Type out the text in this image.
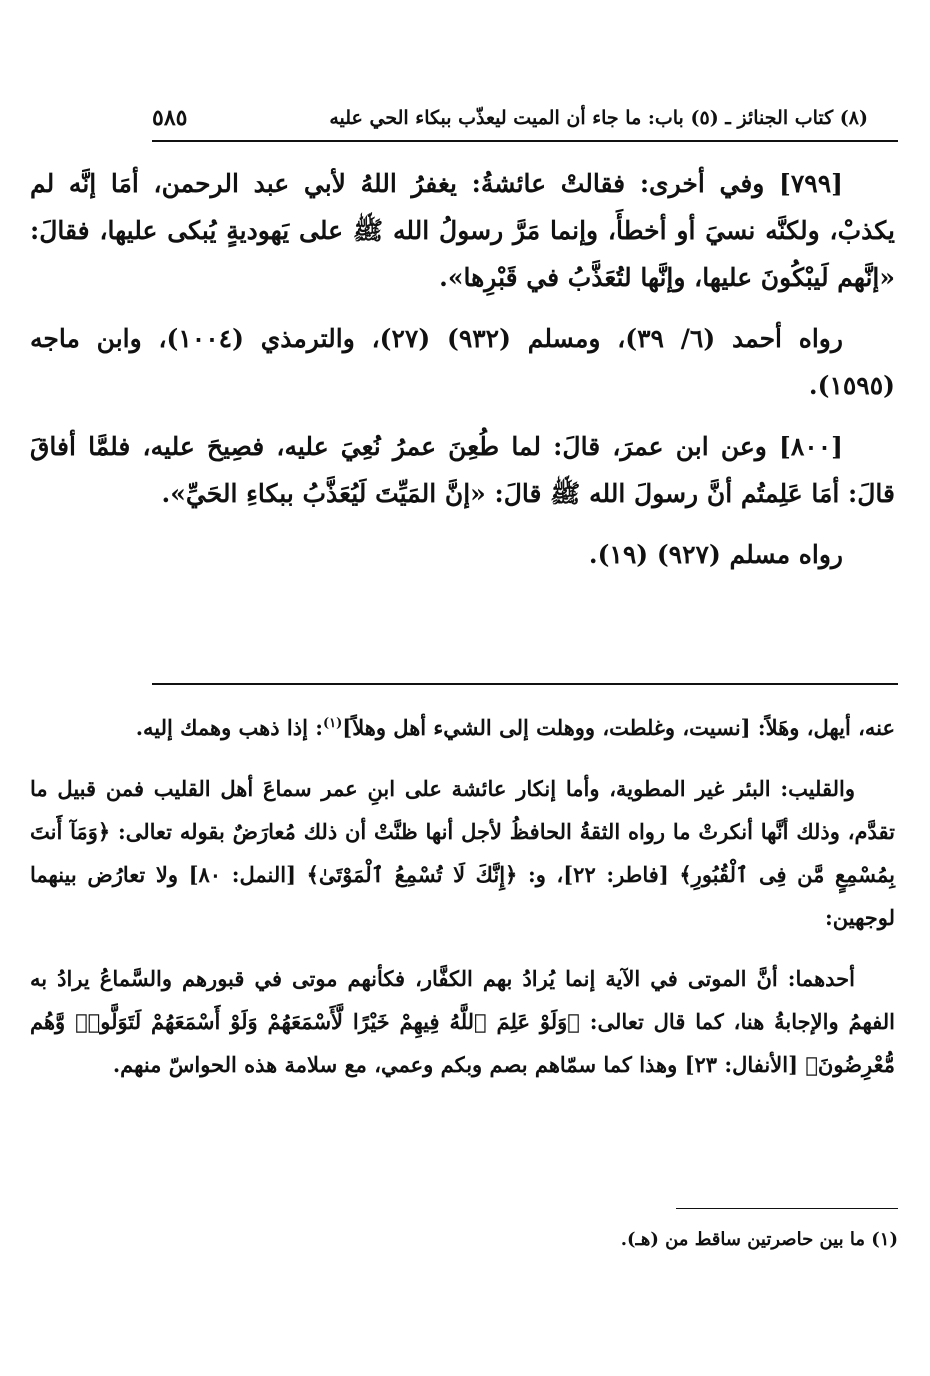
(٨) كتاب الجنائز ـ (٥) باب: ما جاء أن الميت ليعذّب ببكاء الحي عليه
٥٨٥

[٧٩٩] وفي أخرى: فقالتْ عائشةُ: يغفرُ اللهُ لأبي عبد الرحمن، أمَا إنَّه لم يكذبْ، ولكنَّه نسيَ أو أخطأَ، وإنما مَرَّ رسولُ الله ﷺ على يَهوديةٍ يُبكى عليها، فقالَ: «إنَّهم لَيبْكُونَ عليها، وإنَّها لتُعَذَّبُ في قَبْرِها».

رواه أحمد (٦/ ٣٩)، ومسلم (٩٣٢) (٢٧)، والترمذي (١٠٠٤)، وابن ماجه (١٥٩٥).

[٨٠٠] وعن ابن عمرَ، قالَ: لما طُعِنَ عمرُ نُعِيَ عليه، فصِيحَ عليه، فلمَّا أفاقَ قالَ: أمَا عَلِمتُم أنَّ رسولَ الله ﷺ قالَ: «إنَّ المَيِّتَ لَيُعَذَّبُ ببكاءِ الحَيِّ».

رواه مسلم (٩٢٧) (١٩).

عنه، أيهل، وهَلاً: [نسيت، وغلطت، ووهلت إلى الشيء أهل وهلاً]$^{(١)}$: إذا ذهب وهمك إليه.

والقليب: البئر غير المطوية، وأما إنكار عائشة على ابنِ عمر سماعَ أهل القليب فمن قبيل ما تقدَّم، وذلك أنَّها أنكرتْ ما رواه الثقةُ الحافظُ لأجل أنها ظنَّتْ أن ذلك مُعارَضٌ بقوله تعالى: ﴿وَمَآ أَنتَ بِمُسْمِعٍ مَّن فِى ٱلْقُبُورِ﴾ [فاطر: ٢٢]، و: ﴿إِنَّكَ لَا تُسْمِعُ ٱلْمَوْتَىٰ﴾ [النمل: ٨٠] ولا تعارُض بينهما لوجهين:

أحدهما: أنَّ الموتى في الآية إنما يُرادُ بهم الكفَّار، فكأنهم موتى في قبورهم والسَّماعُ يرادُ به الفهمُ والإجابةُ هنا، كما قال تعالى: ﴿وَلَوْ عَلِمَ ٱللَّهُ فِيهِمْ خَيْرًا لَّأَسْمَعَهُمْ وَلَوْ أَسْمَعَهُمْ لَتَوَلَّوا۟ وَّهُم مُّعْرِضُونَ﴾ [الأنفال: ٢٣] وهذا كما سمّاهم بصم وبكم وعمي، مع سلامة هذه الحواسّ منهم.

(١) ما بين حاصرتين ساقط من (هـ).
